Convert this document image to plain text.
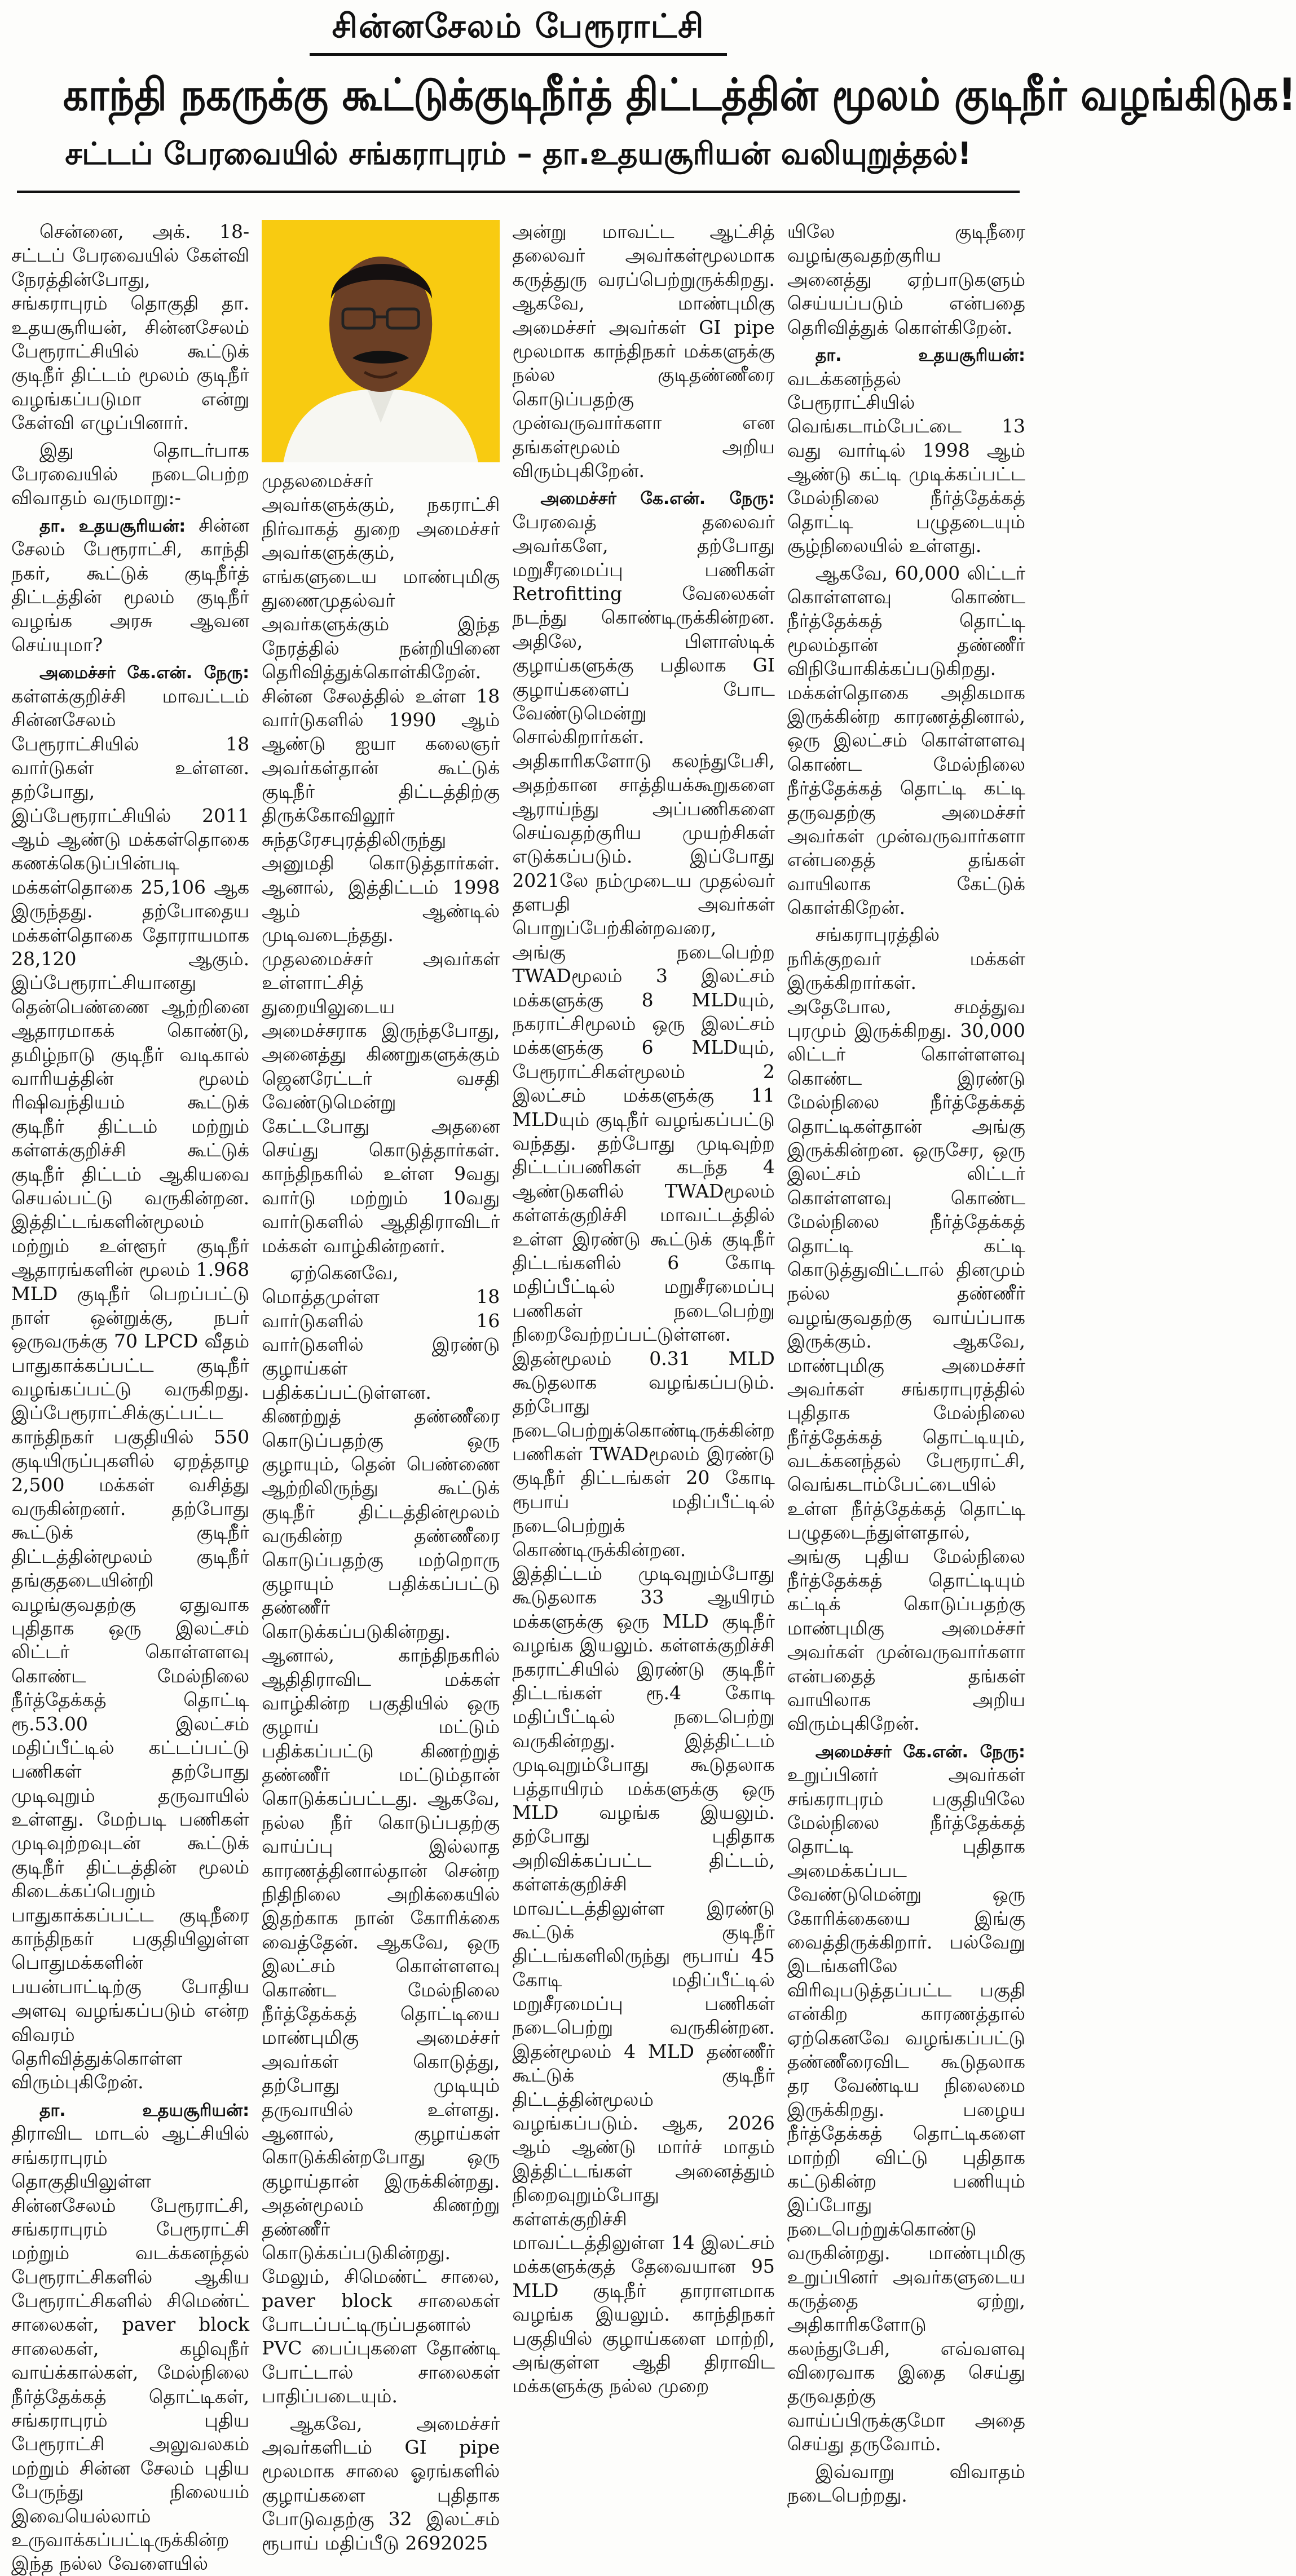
சின்னசேலம் பேரூராட்சி
காந்தி நகருக்கு கூட்டுக்குடிநீர்த் திட்டத்தின் மூலம் குடிநீர் வழங்கிடுக!
சட்டப் பேரவையில் சங்கராபுரம் – தா.உதயசூரியன் வலியுறுத்தல்!

சென்னை, அக். 18- சட்டப் பேரவையில் கேள்வி நேரத்தின்போது, சங்கராபுரம் தொகுதி தா. உதயசூரியன், சின்னசேலம் பேரூராட்சியில் கூட்டுக் குடிநீர் திட்டம் மூலம் குடிநீர் வழங்கப்படுமா என்று கேள்வி எழுப்பினார்.

இது தொடர்பாக பேரவையில் நடைபெற்ற விவாதம் வருமாறு:-

தா. உதயசூரியன்: சின்ன சேலம் பேரூராட்சி, காந்தி நகர், கூட்டுக் குடிநீர்த் திட்டத்தின் மூலம் குடிநீர் வழங்க அரசு ஆவன செய்யுமா?

அமைச்சர் கே.என். நேரு: கள்ளக்குறிச்சி மாவட்டம் சின்னசேலம் பேரூராட்சியில் 18 வார்டுகள் உள்ளன. தற்போது, இப்பேரூராட்சியில் 2011 ஆம் ஆண்டு மக்கள்தொகை கணக்கெடுப்பின்படி மக்கள்தொகை 25,106 ஆக இருந்தது. தற்போதைய மக்கள்தொகை தோராயமாக 28,120 ஆகும். இப்பேரூராட்சியானது தென்பெண்ணை ஆற்றினை ஆதாரமாகக் கொண்டு, தமிழ்நாடு குடிநீர் வடிகால் வாரியத்தின் மூலம் ரிஷிவந்தியம் கூட்டுக் குடிநீர் திட்டம் மற்றும் கள்ளக்குறிச்சி கூட்டுக் குடிநீர் திட்டம் ஆகியவை செயல்பட்டு வருகின்றன. இத்திட்டங்களின்மூலம் மற்றும் உள்ளூர் குடிநீர் ஆதாரங்களின் மூலம் 1.968 MLD குடிநீர் பெறப்பட்டு நாள் ஒன்றுக்கு, நபர் ஒருவருக்கு 70 LPCD வீதம் பாதுகாக்கப்பட்ட குடிநீர் வழங்கப்பட்டு வருகிறது. இப்பேரூராட்சிக்குட்பட்ட காந்திநகர் பகுதியில் 550 குடியிருப்புகளில் ஏறத்தாழ 2,500 மக்கள் வசித்து வருகின்றனர். தற்போது கூட்டுக் குடிநீர் திட்டத்தின்மூலம் குடிநீர் தங்குதடையின்றி வழங்குவதற்கு ஏதுவாக புதிதாக ஒரு இலட்சம் லிட்டர் கொள்ளளவு கொண்ட மேல்நிலை நீர்த்தேக்கத் தொட்டி ரூ.53.00 இலட்சம் மதிப்பீட்டில் கட்டப்பட்டு பணிகள் தற்போது முடிவுறும் தருவாயில் உள்ளது. மேற்படி பணிகள் முடிவுற்றவுடன் கூட்டுக் குடிநீர் திட்டத்தின் மூலம் கிடைக்கப்பெறும் பாதுகாக்கப்பட்ட குடிநீரை காந்திநகர் பகுதியிலுள்ள பொதுமக்களின் பயன்பாட்டிற்கு போதிய அளவு வழங்கப்படும் என்ற விவரம் தெரிவித்துக்கொள்ள விரும்புகிறேன்.

தா. உதயசூரியன்: திராவிட மாடல் ஆட்சியில் சங்கராபுரம் தொகுதியிலுள்ள சின்னசேலம் பேரூராட்சி, சங்கராபுரம் பேரூராட்சி மற்றும் வடக்கனந்தல் பேரூராட்சிகளில் ஆகிய பேரூராட்சிகளில் சிமெண்ட் சாலைகள், paver block சாலைகள், கழிவுநீர் வாய்க்கால்கள், மேல்நிலை நீர்த்தேக்கத் தொட்டிகள், சங்கராபுரம் புதிய பேரூராட்சி அலுவலகம் மற்றும் சின்ன சேலம் புதிய பேருந்து நிலையம் இவையெல்லாம் உருவாக்கப்பட்டிருக்கின்ற இந்த நல்ல வேளையில்

முதலமைச்சர் அவர்களுக்கும், நகராட்சி நிர்வாகத் துறை அமைச்சர் அவர்களுக்கும், எங்களுடைய மாண்புமிகு துணைமுதல்வர் அவர்களுக்கும் இந்த நேரத்தில் நன்றியினை தெரிவித்துக்கொள்கிறேன். சின்ன சேலத்தில் உள்ள 18 வார்டுகளில் 1990 ஆம் ஆண்டு ஐயா கலைஞர் அவர்கள்தான் கூட்டுக் குடிநீர் திட்டத்திற்கு திருக்கோவிலூர் சுந்தரேசபுரத்திலிருந்து அனுமதி கொடுத்தார்கள். ஆனால், இத்திட்டம் 1998 ஆம் ஆண்டில் முடிவடைந்தது. முதலமைச்சர் அவர்கள் உள்ளாட்சித் துறையிலுடைய அமைச்சராக இருந்தபோது, அனைத்து கிணறுகளுக்கும் ஜெனரேட்டர் வசதி வேண்டுமென்று கேட்டபோது அதனை செய்து கொடுத்தார்கள். காந்திநகரில் உள்ள 9வது வார்டு மற்றும் 10வது வார்டுகளில் ஆதிதிராவிடர் மக்கள் வாழ்கின்றனர்.

ஏற்கெனவே, மொத்தமுள்ள 18 வார்டுகளில் 16 வார்டுகளில் இரண்டு குழாய்கள் பதிக்கப்பட்டுள்ளன. கிணற்றுத் தண்ணீரை கொடுப்பதற்கு ஒரு குழாயும், தென் பெண்ணை ஆற்றிலிருந்து கூட்டுக் குடிநீர் திட்டத்தின்மூலம் வருகின்ற தண்ணீரை கொடுப்பதற்கு மற்றொரு குழாயும் பதிக்கப்பட்டு தண்ணீர் கொடுக்கப்படுகின்றது. ஆனால், காந்திநகரில் ஆதிதிராவிட மக்கள் வாழ்கின்ற பகுதியில் ஒரு குழாய் மட்டும் பதிக்கப்பட்டு கிணற்றுத் தண்ணீர் மட்டும்தான் கொடுக்கப்பட்டது. ஆகவே, நல்ல நீர் கொடுப்பதற்கு வாய்ப்பு இல்லாத காரணத்தினால்தான் சென்ற நிதிநிலை அறிக்கையில் இதற்காக நான் கோரிக்கை வைத்தேன். ஆகவே, ஒரு இலட்சம் கொள்ளளவு கொண்ட மேல்நிலை நீர்த்தேக்கத் தொட்டியை மாண்புமிகு அமைச்சர் அவர்கள் கொடுத்து, தற்போது முடியும் தருவாயில் உள்ளது. ஆனால், குழாய்கள் கொடுக்கின்றபோது ஒரு குழாய்தான் இருக்கின்றது. அதன்மூலம் கிணற்று தண்ணீர் கொடுக்கப்படுகின்றது. மேலும், சிமெண்ட் சாலை, paver block சாலைகள் போடப்பட்டிருப்பதனால் PVC பைப்புகளை தோண்டி போட்டால் சாலைகள் பாதிப்படையும்.

ஆகவே, அமைச்சர் அவர்களிடம் GI pipe மூலமாக சாலை ஓரங்களில் குழாய்களை புதிதாக போடுவதற்கு 32 இலட்சம் ரூபாய் மதிப்பீடு 2692025

அன்று மாவட்ட ஆட்சித் தலைவர் அவர்கள்மூலமாக கருத்துரு வரப்பெற்றுருக்கிறது. ஆகவே, மாண்புமிகு அமைச்சர் அவர்கள் GI pipe மூலமாக காந்திநகர் மக்களுக்கு நல்ல குடிதண்ணீரை கொடுப்பதற்கு முன்வருவார்களா என தங்கள்மூலம் அறிய விரும்புகிறேன்.

அமைச்சர் கே.என். நேரு: பேரவைத் தலைவர் அவர்களே, தற்போது மறுசீரமைப்பு பணிகள் Retrofitting வேலைகள் நடந்து கொண்டிருக்கின்றன. அதிலே, பிளாஸ்டிக் குழாய்களுக்கு பதிலாக GI குழாய்களைப் போட வேண்டுமென்று சொல்கிறார்கள். அதிகாரிகளோடு கலந்துபேசி, அதற்கான சாத்தியக்கூறுகளை ஆராய்ந்து அப்பணிகளை செய்வதற்குரிய முயற்சிகள் எடுக்கப்படும். இப்போது 2021லே நம்முடைய முதல்வர் தளபதி அவர்கள் பொறுப்பேற்கின்றவரை, அங்கு நடைபெற்ற TWADமூலம் 3 இலட்சம் மக்களுக்கு 8 MLDயும், நகராட்சிமூலம் ஒரு இலட்சம் மக்களுக்கு 6 MLDயும், பேரூராட்சிகள்மூலம் 2 இலட்சம் மக்களுக்கு 11 MLDயும் குடிநீர் வழங்கப்பட்டு வந்தது. தற்போது முடிவுற்ற திட்டப்பணிகள் கடந்த 4 ஆண்டுகளில் TWADமூலம் கள்ளக்குறிச்சி மாவட்டத்தில் உள்ள இரண்டு கூட்டுக் குடிநீர் திட்டங்களில் 6 கோடி மதிப்பீட்டில் மறுசீரமைப்பு பணிகள் நடைபெற்று நிறைவேற்றப்பட்டுள்ளன. இதன்மூலம் 0.31 MLD கூடுதலாக வழங்கப்படும். தற்போது நடைபெற்றுக்கொண்டிருக்கின்ற பணிகள் TWADமூலம் இரண்டு குடிநீர் திட்டங்கள் 20 கோடி ரூபாய் மதிப்பீட்டில் நடைபெற்றுக் கொண்டிருக்கின்றன. இத்திட்டம் முடிவுறும்போது கூடுதலாக 33 ஆயிரம் மக்களுக்கு ஒரு MLD குடிநீர் வழங்க இயலும். கள்ளக்குறிச்சி நகராட்சியில் இரண்டு குடிநீர் திட்டங்கள் ரூ.4 கோடி மதிப்பீட்டில் நடைபெற்று வருகின்றது. இத்திட்டம் முடிவுறும்போது கூடுதலாக பத்தாயிரம் மக்களுக்கு ஒரு MLD வழங்க இயலும். தற்போது புதிதாக அறிவிக்கப்பட்ட திட்டம், கள்ளக்குறிச்சி மாவட்டத்திலுள்ள இரண்டு கூட்டுக் குடிநீர் திட்டங்களிலிருந்து ரூபாய் 45 கோடி மதிப்பீட்டில் மறுசீரமைப்பு பணிகள் நடைபெற்று வருகின்றன. இதன்மூலம் 4 MLD தண்ணீர் கூட்டுக் குடிநீர் திட்டத்தின்மூலம் வழங்கப்படும். ஆக, 2026 ஆம் ஆண்டு மார்ச் மாதம் இத்திட்டங்கள் அனைத்தும் நிறைவுறும்போது கள்ளக்குறிச்சி மாவட்டத்திலுள்ள 14 இலட்சம் மக்களுக்குத் தேவையான 95 MLD குடிநீர் தாராளமாக வழங்க இயலும். காந்திநகர் பகுதியில் குழாய்களை மாற்றி, அங்குள்ள ஆதி திராவிட மக்களுக்கு நல்ல முறை

யிலே குடிநீரை வழங்குவதற்குரிய அனைத்து ஏற்பாடுகளும் செய்யப்படும் என்பதை தெரிவித்துக் கொள்கிறேன்.

தா. உதயசூரியன்: வடக்கனந்தல் பேரூராட்சியில் வெங்கடாம்பேட்டை 13 வது வார்டில் 1998 ஆம் ஆண்டு கட்டி முடிக்கப்பட்ட மேல்நிலை நீர்த்தேக்கத் தொட்டி பழுதடையும் சூழ்நிலையில் உள்ளது.

ஆகவே, 60,000 லிட்டர் கொள்ளளவு கொண்ட நீர்த்தேக்கத் தொட்டி மூலம்தான் தண்ணீர் விநியோகிக்கப்படுகிறது. மக்கள்தொகை அதிகமாக இருக்கின்ற காரணத்தினால், ஒரு இலட்சம் கொள்ளளவு கொண்ட மேல்நிலை நீர்த்தேக்கத் தொட்டி கட்டி தருவதற்கு அமைச்சர் அவர்கள் முன்வருவார்களா என்பதைத் தங்கள் வாயிலாக கேட்டுக் கொள்கிறேன்.

சங்கராபுரத்தில் நரிக்குறவர் மக்கள் இருக்கிறார்கள். அதேபோல, சமத்துவ புரமும் இருக்கிறது. 30,000 லிட்டர் கொள்ளளவு கொண்ட இரண்டு மேல்நிலை நீர்த்தேக்கத் தொட்டிகள்தான் அங்கு இருக்கின்றன. ஒருசேர, ஒரு இலட்சம் லிட்டர் கொள்ளளவு கொண்ட மேல்நிலை நீர்த்தேக்கத் தொட்டி கட்டி கொடுத்துவிட்டால் தினமும் நல்ல தண்ணீர் வழங்குவதற்கு வாய்ப்பாக இருக்கும். ஆகவே, மாண்புமிகு அமைச்சர் அவர்கள் சங்கராபுரத்தில் புதிதாக மேல்நிலை நீர்த்தேக்கத் தொட்டியும், வடக்கனந்தல் பேரூராட்சி, வெங்கடாம்பேட்டையில் உள்ள நீர்த்தேக்கத் தொட்டி பழுதடைந்துள்ளதால், அங்கு புதிய மேல்நிலை நீர்த்தேக்கத் தொட்டியும் கட்டிக் கொடுப்பதற்கு மாண்புமிகு அமைச்சர் அவர்கள் முன்வருவார்களா என்பதைத் தங்கள் வாயிலாக அறிய விரும்புகிறேன்.

அமைச்சர் கே.என். நேரு: உறுப்பினர் அவர்கள் சங்கராபுரம் பகுதியிலே மேல்நிலை நீர்த்தேக்கத் தொட்டி புதிதாக அமைக்கப்பட வேண்டுமென்று ஒரு கோரிக்கையை இங்கு வைத்திருக்கிறார். பல்வேறு இடங்களிலே விரிவுபடுத்தப்பட்ட பகுதி என்கிற காரணத்தால் ஏற்கெனவே வழங்கப்பட்டு தண்ணீரைவிட கூடுதலாக தர வேண்டிய நிலைமை இருக்கிறது. பழைய நீர்த்தேக்கத் தொட்டிகளை மாற்றி விட்டு புதிதாக கட்டுகின்ற பணியும் இப்போது நடைபெற்றுக்கொண்டு வருகின்றது. மாண்புமிகு உறுப்பினர் அவர்களுடைய கருத்தை ஏற்று, அதிகாரிகளோடு கலந்துபேசி, எவ்வளவு விரைவாக இதை செய்து தருவதற்கு வாய்ப்பிருக்குமோ அதை செய்து தருவோம்.

இவ்வாறு விவாதம் நடைபெற்றது.
